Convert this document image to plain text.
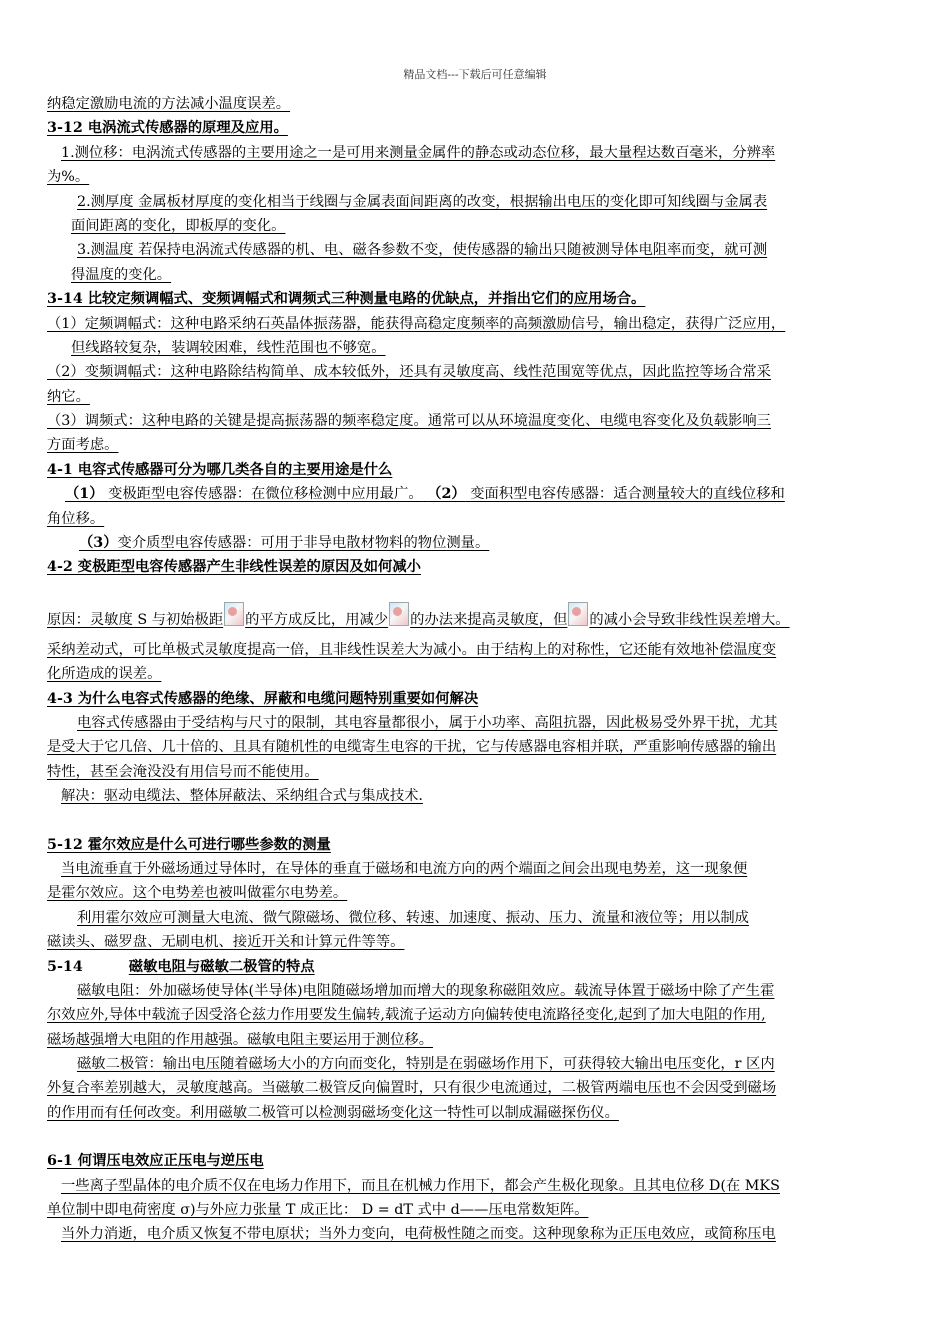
精品文档---下载后可任意编辑
纳稳定激励电流的方法减小温度误差。
3-12 电涡流式传感器的原理及应用。
1.测位移：电涡流式传感器的主要用途之一是可用来测量金属件的静态或动态位移，最大量程达数百毫米，分辨率
为%。
2.测厚度 金属板材厚度的变化相当于线圈与金属表面间距离的改变，根据输出电压的变化即可知线圈与金属表
面间距离的变化，即板厚的变化。
3.测温度 若保持电涡流式传感器的机、电、磁各参数不变，使传感器的输出只随被测导体电阻率而变，就可测
得温度的变化。
3-14 比较定频调幅式、变频调幅式和调频式三种测量电路的优缺点，并指出它们的应用场合。
（1）定频调幅式：这种电路采纳石英晶体振荡器，能获得高稳定度频率的高频激励信号，输出稳定，获得广泛应用，
但线路较复杂，装调较困难，线性范围也不够宽。
（2）变频调幅式：这种电路除结构简单、成本较低外，还具有灵敏度高、线性范围宽等优点，因此监控等场合常采
纳它。
（3）调频式：这种电路的关键是提高振荡器的频率稳定度。通常可以从环境温度变化、电缆电容变化及负载影响三
方面考虑。
4-1 电容式传感器可分为哪几类各自的主要用途是什么
（1） 变极距型电容传感器：在微位移检测中应用最广。 （2） 变面积型电容传感器：适合测量较大的直线位移和
角位移。
（3）变介质型电容传感器：可用于非导电散材物料的物位测量。
4-2 变极距型电容传感器产生非线性误差的原因及如何减小
原因：灵敏度 S 与初始极距 的平方成反比，用减少 的办法来提高灵敏度，但 的减小会导致非线性误差增大。
采纳差动式，可比单极式灵敏度提高一倍，且非线性误差大为减小。由于结构上的对称性，它还能有效地补偿温度变
化所造成的误差。
4-3 为什么电容式传感器的绝缘、屏蔽和电缆问题特别重要如何解决
电容式传感器由于受结构与尺寸的限制，其电容量都很小，属于小功率、高阻抗器，因此极易受外界干扰，尤其
是受大于它几倍、几十倍的、且具有随机性的电缆寄生电容的干扰，它与传感器电容相并联，严重影响传感器的输出
特性，甚至会淹没没有用信号而不能使用。
解决：驱动电缆法、整体屏蔽法、采纳组合式与集成技术.
5-12 霍尔效应是什么可进行哪些参数的测量
当电流垂直于外磁场通过导体时，在导体的垂直于磁场和电流方向的两个端面之间会出现电势差，这一现象便
是霍尔效应。这个电势差也被叫做霍尔电势差。
利用霍尔效应可测量大电流、微气隙磁场、微位移、转速、加速度、振动、压力、流量和液位等；用以制成
磁读头、磁罗盘、无刷电机、接近开关和计算元件等等。
5-14	磁敏电阻与磁敏二极管的特点
磁敏电阻：外加磁场使导体(半导体)电阻随磁场增加而增大的现象称磁阻效应。载流导体置于磁场中除了产生霍
尔效应外,导体中载流子因受洛仑兹力作用要发生偏转,载流子运动方向偏转使电流路径变化,起到了加大电阻的作用,
磁场越强增大电阻的作用越强。磁敏电阻主要运用于测位移。
磁敏二极管：输出电压随着磁场大小的方向而变化，特别是在弱磁场作用下，可获得较大输出电压变化，r 区内
外复合率差别越大，灵敏度越高。当磁敏二极管反向偏置时，只有很少电流通过，二极管两端电压也不会因受到磁场
的作用而有任何改变。利用磁敏二极管可以检测弱磁场变化这一特性可以制成漏磁探伤仪。
6-1 何谓压电效应正压电与逆压电
一些离子型晶体的电介质不仅在电场力作用下，而且在机械力作用下，都会产生极化现象。且其电位移 D(在 MKS
单位制中即电荷密度 σ)与外应力张量 T 成正比： D = dT 式中 d——压电常数矩阵。
当外力消逝，电介质又恢复不带电原状；当外力变向，电荷极性随之而变。这种现象称为正压电效应，或简称压电
